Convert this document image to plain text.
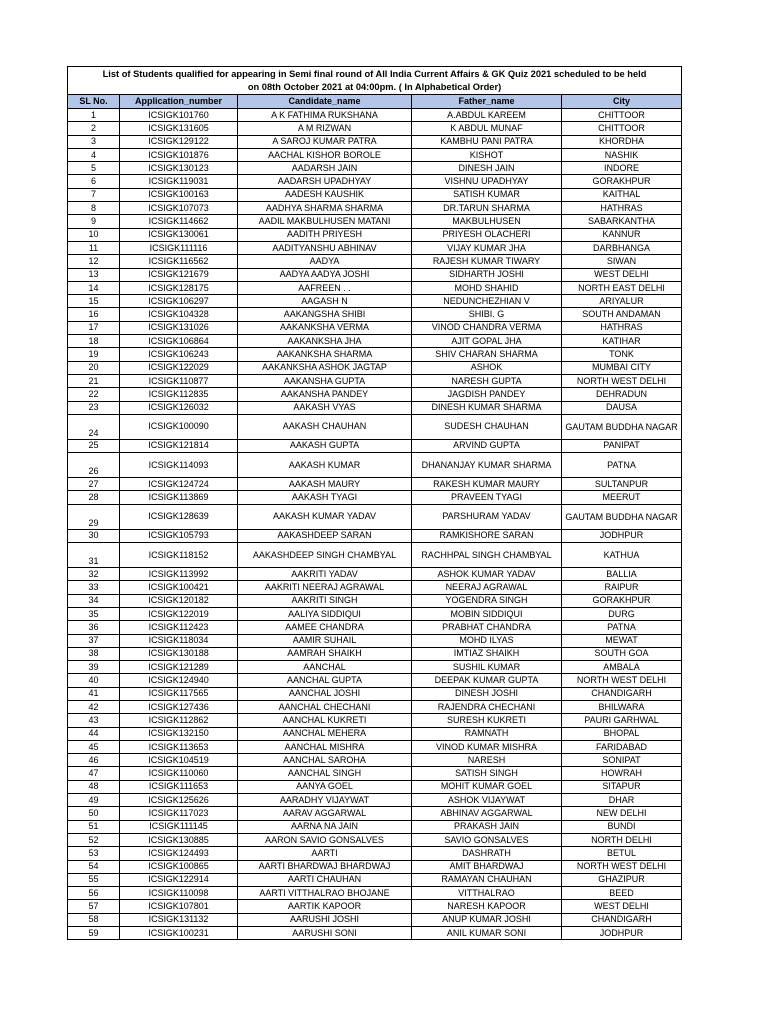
List of Students qualified for appearing in Semi final round of All India Current Affairs & GK Quiz 2021 scheduled to be held
on 08th October 2021 at 04:00pm. ( In Alphabetical Order)				
SL No.	Application_number	Candidate_name	Father_name	City
1	ICSIGK101760	A K FATHIMA RUKSHANA	A.ABDUL KAREEM	CHITTOOR
2	ICSIGK131605	A M RIZWAN	K ABDUL MUNAF	CHITTOOR
3	ICSIGK129122	A SAROJ KUMAR PATRA	KAMBHU PANI PATRA	KHORDHA
4	ICSIGK101876	AACHAL KISHOR BOROLE	KISHOT	NASHIK
5	ICSIGK130123	AADARSH JAIN	DINESH JAIN	INDORE
6	ICSIGK119031	AADARSH UPADHYAY	VISHNU UPADHYAY	GORAKHPUR
7	ICSIGK100163	AADESH KAUSHIK	SATISH KUMAR	KAITHAL
8	ICSIGK107073	AADHYA SHARMA SHARMA	DR.TARUN SHARMA	HATHRAS
9	ICSIGK114662	AADIL MAKBULHUSEN MATANI	MAKBULHUSEN	SABARKANTHA
10	ICSIGK130061	AADITH PRIYESH	PRIYESH OLACHERI	KANNUR
11	ICSIGK111116	AADITYANSHU ABHINAV	VIJAY KUMAR JHA	DARBHANGA
12	ICSIGK116562	AADYA	RAJESH KUMAR TIWARY	SIWAN
13	ICSIGK121679	AADYA AADYA JOSHI	SIDHARTH JOSHI	WEST DELHI
14	ICSIGK128175	AAFREEN . .	MOHD SHAHID	NORTH EAST DELHI
15	ICSIGK106297	AAGASH N	NEDUNCHEZHIAN V	ARIYALUR
16	ICSIGK104328	AAKANGSHA SHIBI	SHIBI. G	SOUTH ANDAMAN
17	ICSIGK131026	AAKANKSHA VERMA	VINOD CHANDRA VERMA	HATHRAS
18	ICSIGK106864	AAKANKSHA JHA	AJIT GOPAL JHA	KATIHAR
19	ICSIGK106243	AAKANKSHA SHARMA	SHIV CHARAN SHARMA	TONK
20	ICSIGK122029	AAKANKSHA ASHOK JAGTAP	ASHOK	MUMBAI CITY
21	ICSIGK110877	AAKANSHA GUPTA	NARESH GUPTA	NORTH WEST DELHI
22	ICSIGK112835	AAKANSHA PANDEY	JAGDISH PANDEY	DEHRADUN
23	ICSIGK126032	AAKASH VYAS	DINESH KUMAR SHARMA	DAUSA
24	ICSIGK100090	AAKASH CHAUHAN	SUDESH CHAUHAN	GAUTAM BUDDHA NAGAR
25	ICSIGK121814	AAKASH GUPTA	ARVIND GUPTA	PANIPAT
26	ICSIGK114093	AAKASH KUMAR	DHANANJAY KUMAR SHARMA	PATNA
27	ICSIGK124724	AAKASH MAURY	RAKESH KUMAR MAURY	SULTANPUR
28	ICSIGK113869	AAKASH TYAGI	PRAVEEN TYAGI	MEERUT
29	ICSIGK128639	AAKASH KUMAR YADAV	PARSHURAM YADAV	GAUTAM BUDDHA NAGAR
30	ICSIGK105793	AAKASHDEEP SARAN	RAMKISHORE SARAN	JODHPUR
31	ICSIGK118152	AAKASHDEEP SINGH CHAMBYAL	RACHHPAL SINGH CHAMBYAL	KATHUA
32	ICSIGK113992	AAKRITI YADAV	ASHOK KUMAR YADAV	BALLIA
33	ICSIGK100421	AAKRITI NEERAJ AGRAWAL	NEERAJ AGRAWAL	RAIPUR
34	ICSIGK120182	AAKRITI SINGH	YOGENDRA SINGH	GORAKHPUR
35	ICSIGK122019	AALIYA SIDDIQUI	MOBIN SIDDIQUI	DURG
36	ICSIGK112423	AAMEE CHANDRA	PRABHAT CHANDRA	PATNA
37	ICSIGK118034	AAMIR SUHAIL	MOHD ILYAS	MEWAT
38	ICSIGK130188	AAMRAH SHAIKH	IMTIAZ SHAIKH	SOUTH GOA
39	ICSIGK121289	AANCHAL	SUSHIL KUMAR	AMBALA
40	ICSIGK124940	AANCHAL GUPTA	DEEPAK KUMAR GUPTA	NORTH WEST DELHI
41	ICSIGK117565	AANCHAL JOSHI	DINESH JOSHI	CHANDIGARH
42	ICSIGK127436	AANCHAL CHECHANI	RAJENDRA CHECHANI	BHILWARA
43	ICSIGK112862	AANCHAL KUKRETI	SURESH KUKRETI	PAURI GARHWAL
44	ICSIGK132150	AANCHAL MEHERA	RAMNATH	BHOPAL
45	ICSIGK113653	AANCHAL MISHRA	VINOD KUMAR MISHRA	FARIDABAD
46	ICSIGK104519	AANCHAL SAROHA	NARESH	SONIPAT
47	ICSIGK110060	AANCHAL SINGH	SATISH SINGH	HOWRAH
48	ICSIGK111653	AANYA GOEL	MOHIT KUMAR GOEL	SITAPUR
49	ICSIGK125626	AARADHY VIJAYWAT	ASHOK VIJAYWAT	DHAR
50	ICSIGK117023	AARAV AGGARWAL	ABHINAV AGGARWAL	NEW DELHI
51	ICSIGK111145	AARNA NA JAIN	PRAKASH JAIN	BUNDI
52	ICSIGK130885	AARON SAVIO GONSALVES	SAVIO GONSALVES	NORTH DELHI
53	ICSIGK124493	AARTI	DASHRATH	BETUL
54	ICSIGK100865	AARTI BHARDWAJ BHARDWAJ	AMIT BHARDWAJ	NORTH WEST DELHI
55	ICSIGK122914	AARTI CHAUHAN	RAMAYAN CHAUHAN	GHAZIPUR
56	ICSIGK110098	AARTI VITTHALRAO BHOJANE	VITTHALRAO	BEED
57	ICSIGK107801	AARTIK KAPOOR	NARESH KAPOOR	WEST DELHI
58	ICSIGK131132	AARUSHI JOSHI	ANUP KUMAR JOSHI	CHANDIGARH
59	ICSIGK100231	AARUSHI SONI	ANIL KUMAR SONI	JODHPUR
